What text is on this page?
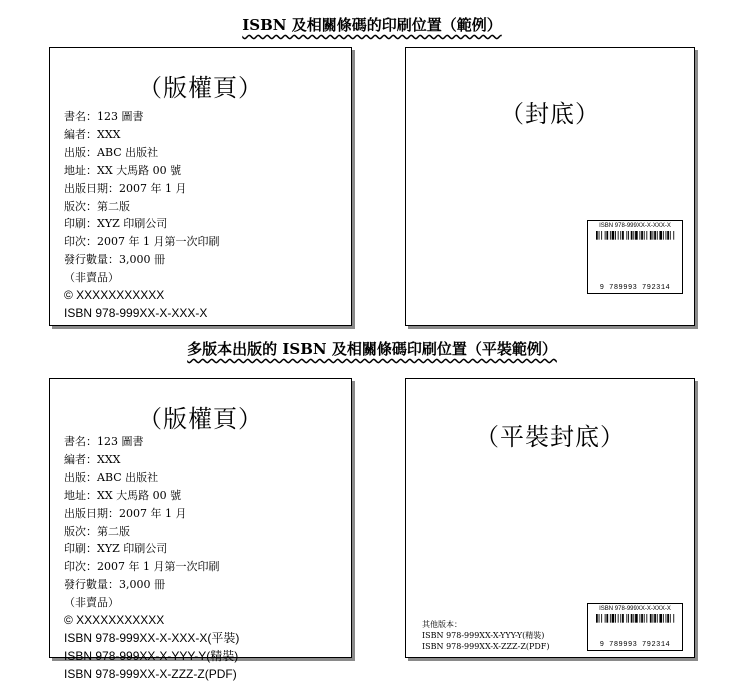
ISBN 及相關條碼的印刷位置（範例）
（版權頁）
書名：123 圖書
編者：XXX
出版：ABC 出版社
地址：XX 大馬路 00 號
出版日期：2007 年 1 月
版次：第二版
印刷：XYZ 印刷公司
印次：2007 年 1 月第一次印刷
發行數量：3,000 冊
（非賣品）
© XXXXXXXXXXX
ISBN 978-999XX-X-XXX-X
（封底）
ISBN 978-999XX-X-XXX-X
9 789993 792314
多版本出版的 ISBN 及相關條碼印刷位置（平裝範例）
（版權頁）
書名：123 圖書
編者：XXX
出版：ABC 出版社
地址：XX 大馬路 00 號
出版日期：2007 年 1 月
版次：第二版
印刷：XYZ 印刷公司
印次：2007 年 1 月第一次印刷
發行數量：3,000 冊
（非賣品）
© XXXXXXXXXXX
ISBN 978-999XX-X-XXX-X(平裝)
ISBN 978-999XX-X-YYY-Y(精裝)
ISBN 978-999XX-X-ZZZ-Z(PDF)
（平裝封底）
其他版本：
ISBN 978-999XX-X-YYY-Y(精裝)
ISBN 978-999XX-X-ZZZ-Z(PDF)
ISBN 978-999XX-X-XXX-X
9 789993 792314
